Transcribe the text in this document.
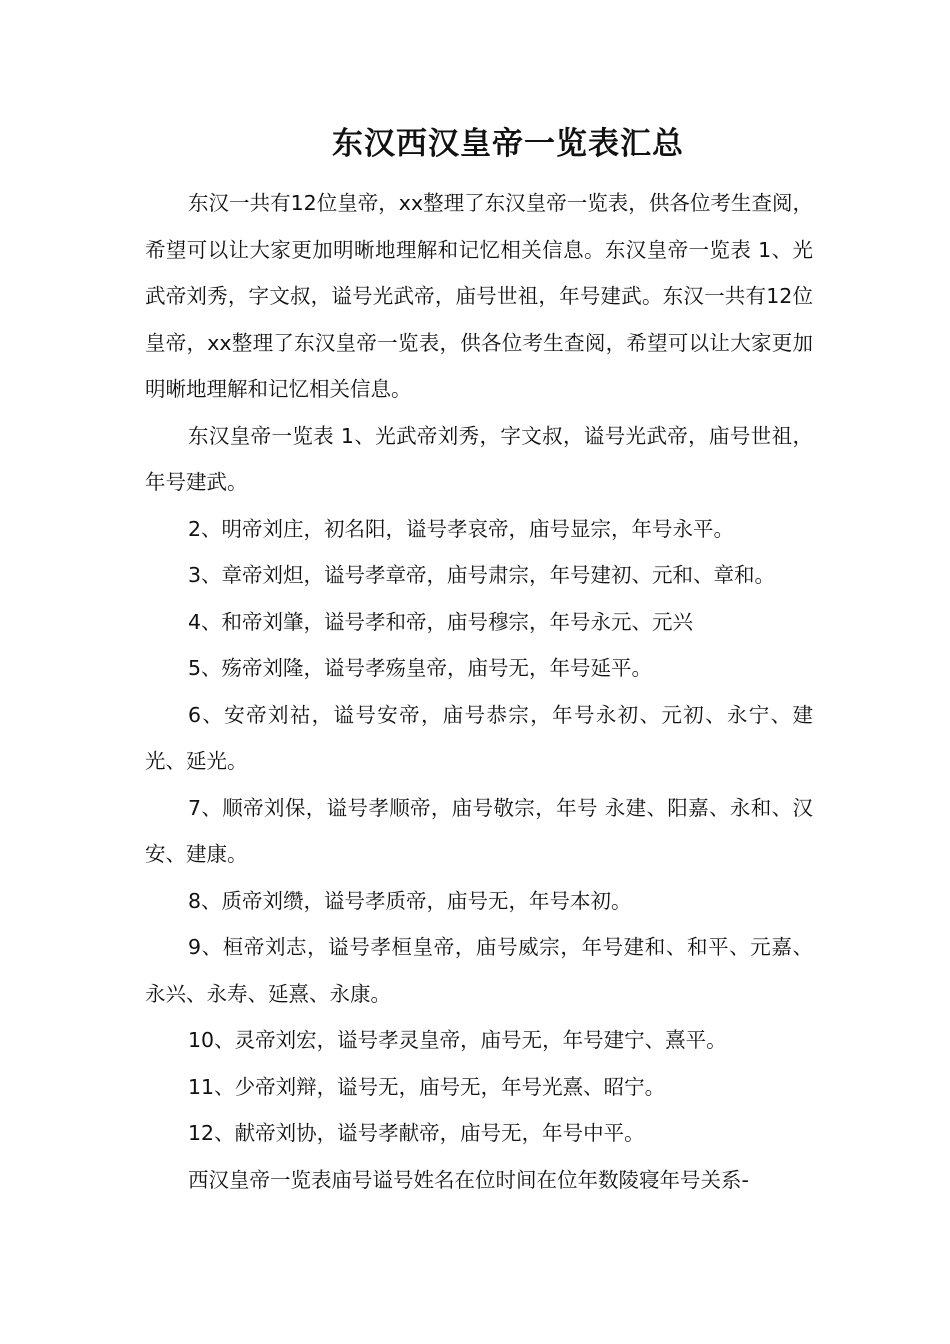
东汉西汉皇帝一览表汇总

东汉一共有12位皇帝，xx整理了东汉皇帝一览表，供各位考生查阅，希望可以让大家更加明晰地理解和记忆相关信息。东汉皇帝一览表 1、光武帝刘秀，字文叔，谥号光武帝，庙号世祖，年号建武。东汉一共有12位皇帝，xx整理了东汉皇帝一览表，供各位考生查阅，希望可以让大家更加明晰地理解和记忆相关信息。

东汉皇帝一览表 1、光武帝刘秀，字文叔，谥号光武帝，庙号世祖，年号建武。

2、明帝刘庄，初名阳，谥号孝哀帝，庙号显宗，年号永平。

3、章帝刘炟，谥号孝章帝，庙号肃宗，年号建初、元和、章和。

4、和帝刘肇，谥号孝和帝，庙号穆宗，年号永元、元兴

5、殇帝刘隆，谥号孝殇皇帝，庙号无，年号延平。

6、安帝刘祜，谥号安帝，庙号恭宗，年号永初、元初、永宁、建光、延光。

7、顺帝刘保，谥号孝顺帝，庙号敬宗，年号 永建、阳嘉、永和、汉安、建康。

8、质帝刘缵，谥号孝质帝，庙号无，年号本初。

9、桓帝刘志，谥号孝桓皇帝，庙号威宗，年号建和、和平、元嘉、永兴、永寿、延熹、永康。

10、灵帝刘宏，谥号孝灵皇帝，庙号无，年号建宁、熹平。

11、少帝刘辩，谥号无，庙号无，年号光熹、昭宁。

12、献帝刘协，谥号孝献帝，庙号无，年号中平。

西汉皇帝一览表庙号谥号姓名在位时间在位年数陵寝年号关系-
